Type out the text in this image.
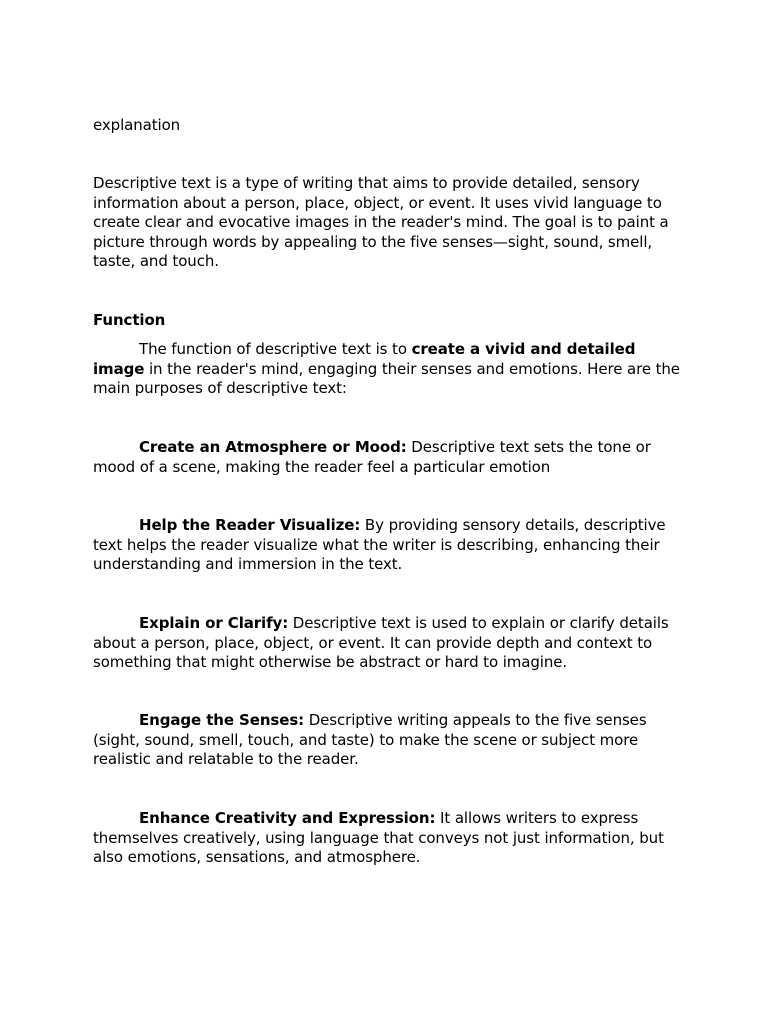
explanation

Descriptive text is a type of writing that aims to provide detailed, sensory information about a person, place, object, or event. It uses vivid language to create clear and evocative images in the reader's mind. The goal is to paint a picture through words by appealing to the five senses—sight, sound, smell, taste, and touch.

Function

The function of descriptive text is to create a vivid and detailed image in the reader's mind, engaging their senses and emotions. Here are the main purposes of descriptive text:

Create an Atmosphere or Mood: Descriptive text sets the tone or mood of a scene, making the reader feel a particular emotion

Help the Reader Visualize: By providing sensory details, descriptive text helps the reader visualize what the writer is describing, enhancing their understanding and immersion in the text.

Explain or Clarify: Descriptive text is used to explain or clarify details about a person, place, object, or event. It can provide depth and context to something that might otherwise be abstract or hard to imagine.

Engage the Senses: Descriptive writing appeals to the five senses (sight, sound, smell, touch, and taste) to make the scene or subject more realistic and relatable to the reader.

Enhance Creativity and Expression: It allows writers to express themselves creatively, using language that conveys not just information, but also emotions, sensations, and atmosphere.
